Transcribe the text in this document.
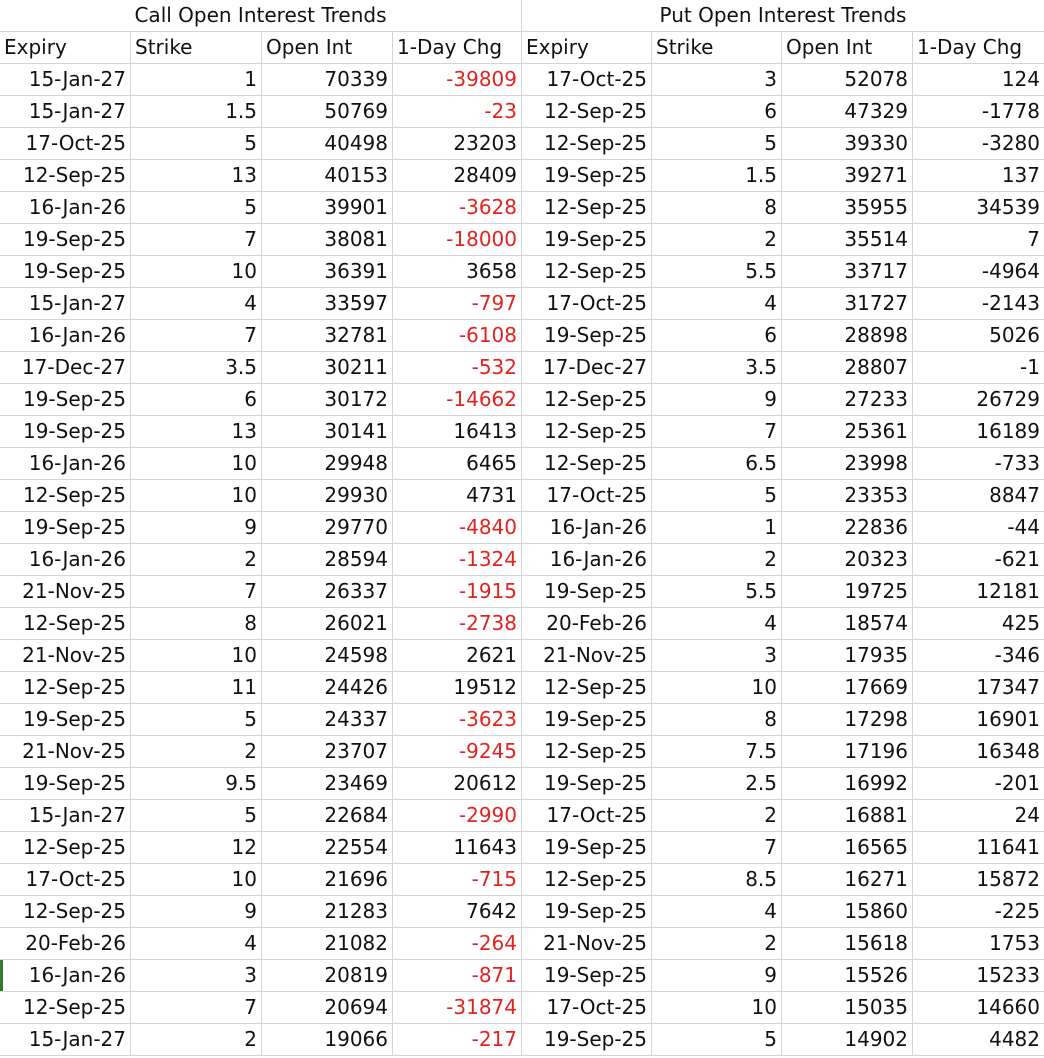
Call Open Interest Trends	Put Open Interest Trends
Expiry	Strike	Open Int	1-Day Chg	Expiry	Strike	Open Int	1-Day Chg
15-Jan-27	1	70339	-39809	17-Oct-25	3	52078	124
15-Jan-27	1.5	50769	-23	12-Sep-25	6	47329	-1778
17-Oct-25	5	40498	23203	12-Sep-25	5	39330	-3280
12-Sep-25	13	40153	28409	19-Sep-25	1.5	39271	137
16-Jan-26	5	39901	-3628	12-Sep-25	8	35955	34539
19-Sep-25	7	38081	-18000	19-Sep-25	2	35514	7
19-Sep-25	10	36391	3658	12-Sep-25	5.5	33717	-4964
15-Jan-27	4	33597	-797	17-Oct-25	4	31727	-2143
16-Jan-26	7	32781	-6108	19-Sep-25	6	28898	5026
17-Dec-27	3.5	30211	-532	17-Dec-27	3.5	28807	-1
19-Sep-25	6	30172	-14662	12-Sep-25	9	27233	26729
19-Sep-25	13	30141	16413	12-Sep-25	7	25361	16189
16-Jan-26	10	29948	6465	12-Sep-25	6.5	23998	-733
12-Sep-25	10	29930	4731	17-Oct-25	5	23353	8847
19-Sep-25	9	29770	-4840	16-Jan-26	1	22836	-44
16-Jan-26	2	28594	-1324	16-Jan-26	2	20323	-621
21-Nov-25	7	26337	-1915	19-Sep-25	5.5	19725	12181
12-Sep-25	8	26021	-2738	20-Feb-26	4	18574	425
21-Nov-25	10	24598	2621	21-Nov-25	3	17935	-346
12-Sep-25	11	24426	19512	12-Sep-25	10	17669	17347
19-Sep-25	5	24337	-3623	19-Sep-25	8	17298	16901
21-Nov-25	2	23707	-9245	12-Sep-25	7.5	17196	16348
19-Sep-25	9.5	23469	20612	19-Sep-25	2.5	16992	-201
15-Jan-27	5	22684	-2990	17-Oct-25	2	16881	24
12-Sep-25	12	22554	11643	19-Sep-25	7	16565	11641
17-Oct-25	10	21696	-715	12-Sep-25	8.5	16271	15872
12-Sep-25	9	21283	7642	19-Sep-25	4	15860	-225
20-Feb-26	4	21082	-264	21-Nov-25	2	15618	1753
16-Jan-26	3	20819	-871	19-Sep-25	9	15526	15233
12-Sep-25	7	20694	-31874	17-Oct-25	10	15035	14660
15-Jan-27	2	19066	-217	19-Sep-25	5	14902	4482
